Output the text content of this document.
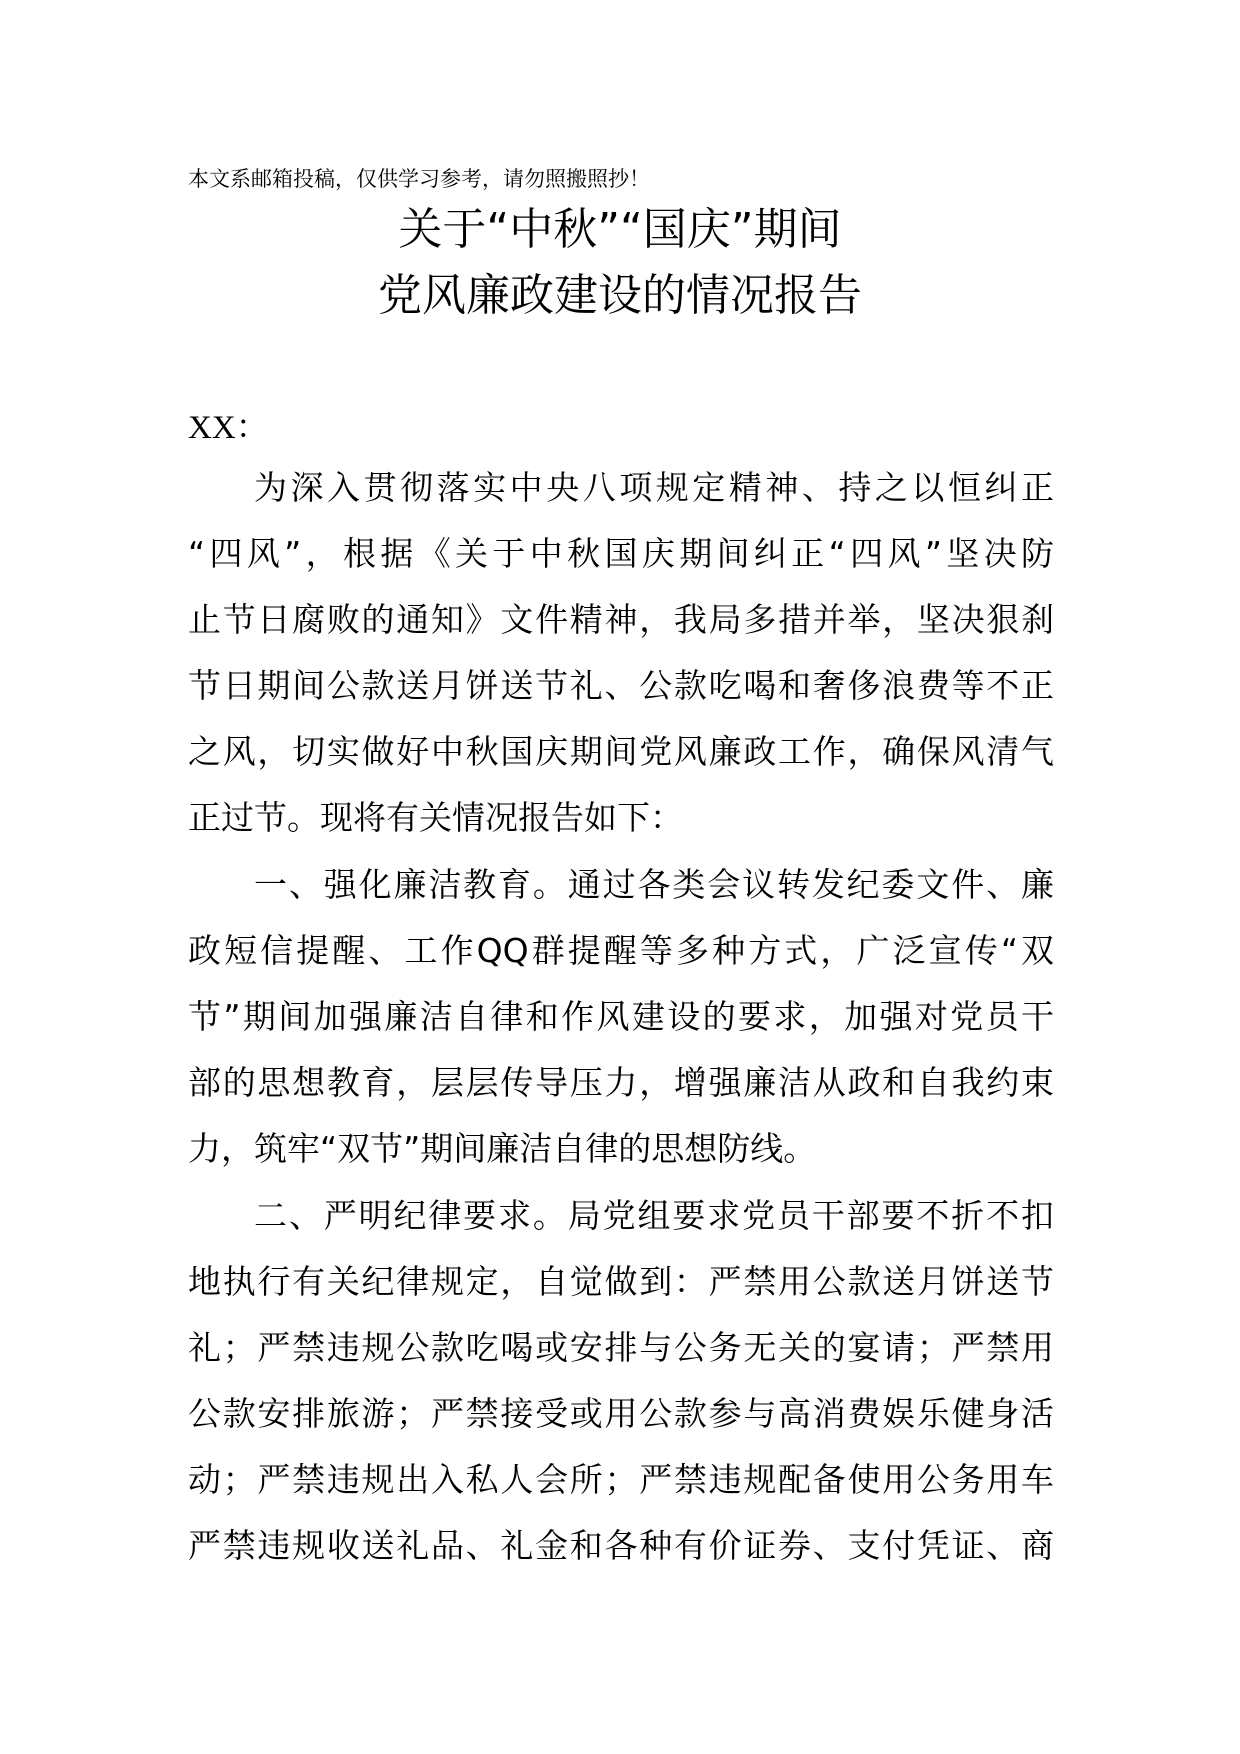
本文系邮箱投稿，仅供学习参考，请勿照搬照抄！
关于“中秋”“国庆”期间
党风廉政建设的情况报告
XX：
为深入贯彻落实中央八项规定精神、持之以恒纠正
“四风”，根据《关于中秋国庆期间纠正“四风”坚决防
止节日腐败的通知》文件精神，我局多措并举，坚决狠刹
节日期间公款送月饼送节礼、公款吃喝和奢侈浪费等不正
之风，切实做好中秋国庆期间党风廉政工作，确保风清气
正过节。现将有关情况报告如下：
一、强化廉洁教育。通过各类会议转发纪委文件、廉
政短信提醒、工作QQ群提醒等多种方式，广泛宣传“双
节”期间加强廉洁自律和作风建设的要求，加强对党员干
部的思想教育，层层传导压力，增强廉洁从政和自我约束
力，筑牢“双节”期间廉洁自律的思想防线。
二、严明纪律要求。局党组要求党员干部要不折不扣
地执行有关纪律规定，自觉做到：严禁用公款送月饼送节
礼；严禁违规公款吃喝或安排与公务无关的宴请；严禁用
公款安排旅游；严禁接受或用公款参与高消费娱乐健身活
动；严禁违规出入私人会所；严禁违规配备使用公务用车
严禁违规收送礼品、礼金和各种有价证券、支付凭证、商
